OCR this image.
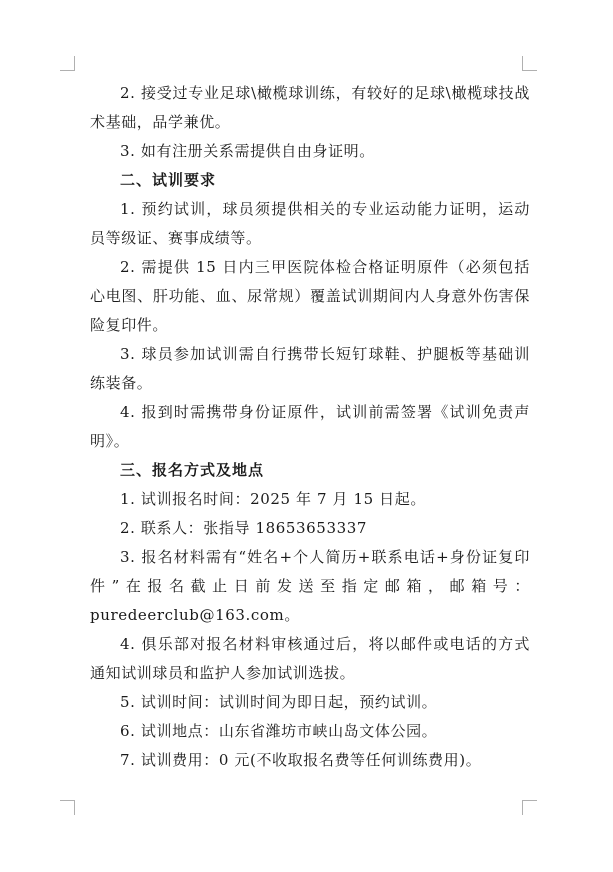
2. 接受过专业足球\橄榄球训练，有较好的足球\橄榄球技战术基础，品学兼优。

3. 如有注册关系需提供自由身证明。

二、试训要求

1. 预约试训，球员须提供相关的专业运动能力证明，运动员等级证、赛事成绩等。

2. 需提供 15 日内三甲医院体检合格证明原件（必须包括心电图、肝功能、血、尿常规）覆盖试训期间内人身意外伤害保险复印件。

3. 球员参加试训需自行携带长短钉球鞋、护腿板等基础训练装备。

4. 报到时需携带身份证原件，试训前需签署《试训免责声明》。

三、报名方式及地点

1. 试训报名时间：2025 年 7 月 15 日起。

2. 联系人：张指导 18653653337

3. 报名材料需有“姓名+个人简历+联系电话+身份证复印件”在报名截止日前发送至指定邮箱，邮箱号：puredeerclub@163.com。

4. 俱乐部对报名材料审核通过后，将以邮件或电话的方式通知试训球员和监护人参加试训选拔。

5. 试训时间：试训时间为即日起，预约试训。

6. 试训地点：山东省潍坊市峡山岛文体公园。

7. 试训费用：0 元(不收取报名费等任何训练费用)。
